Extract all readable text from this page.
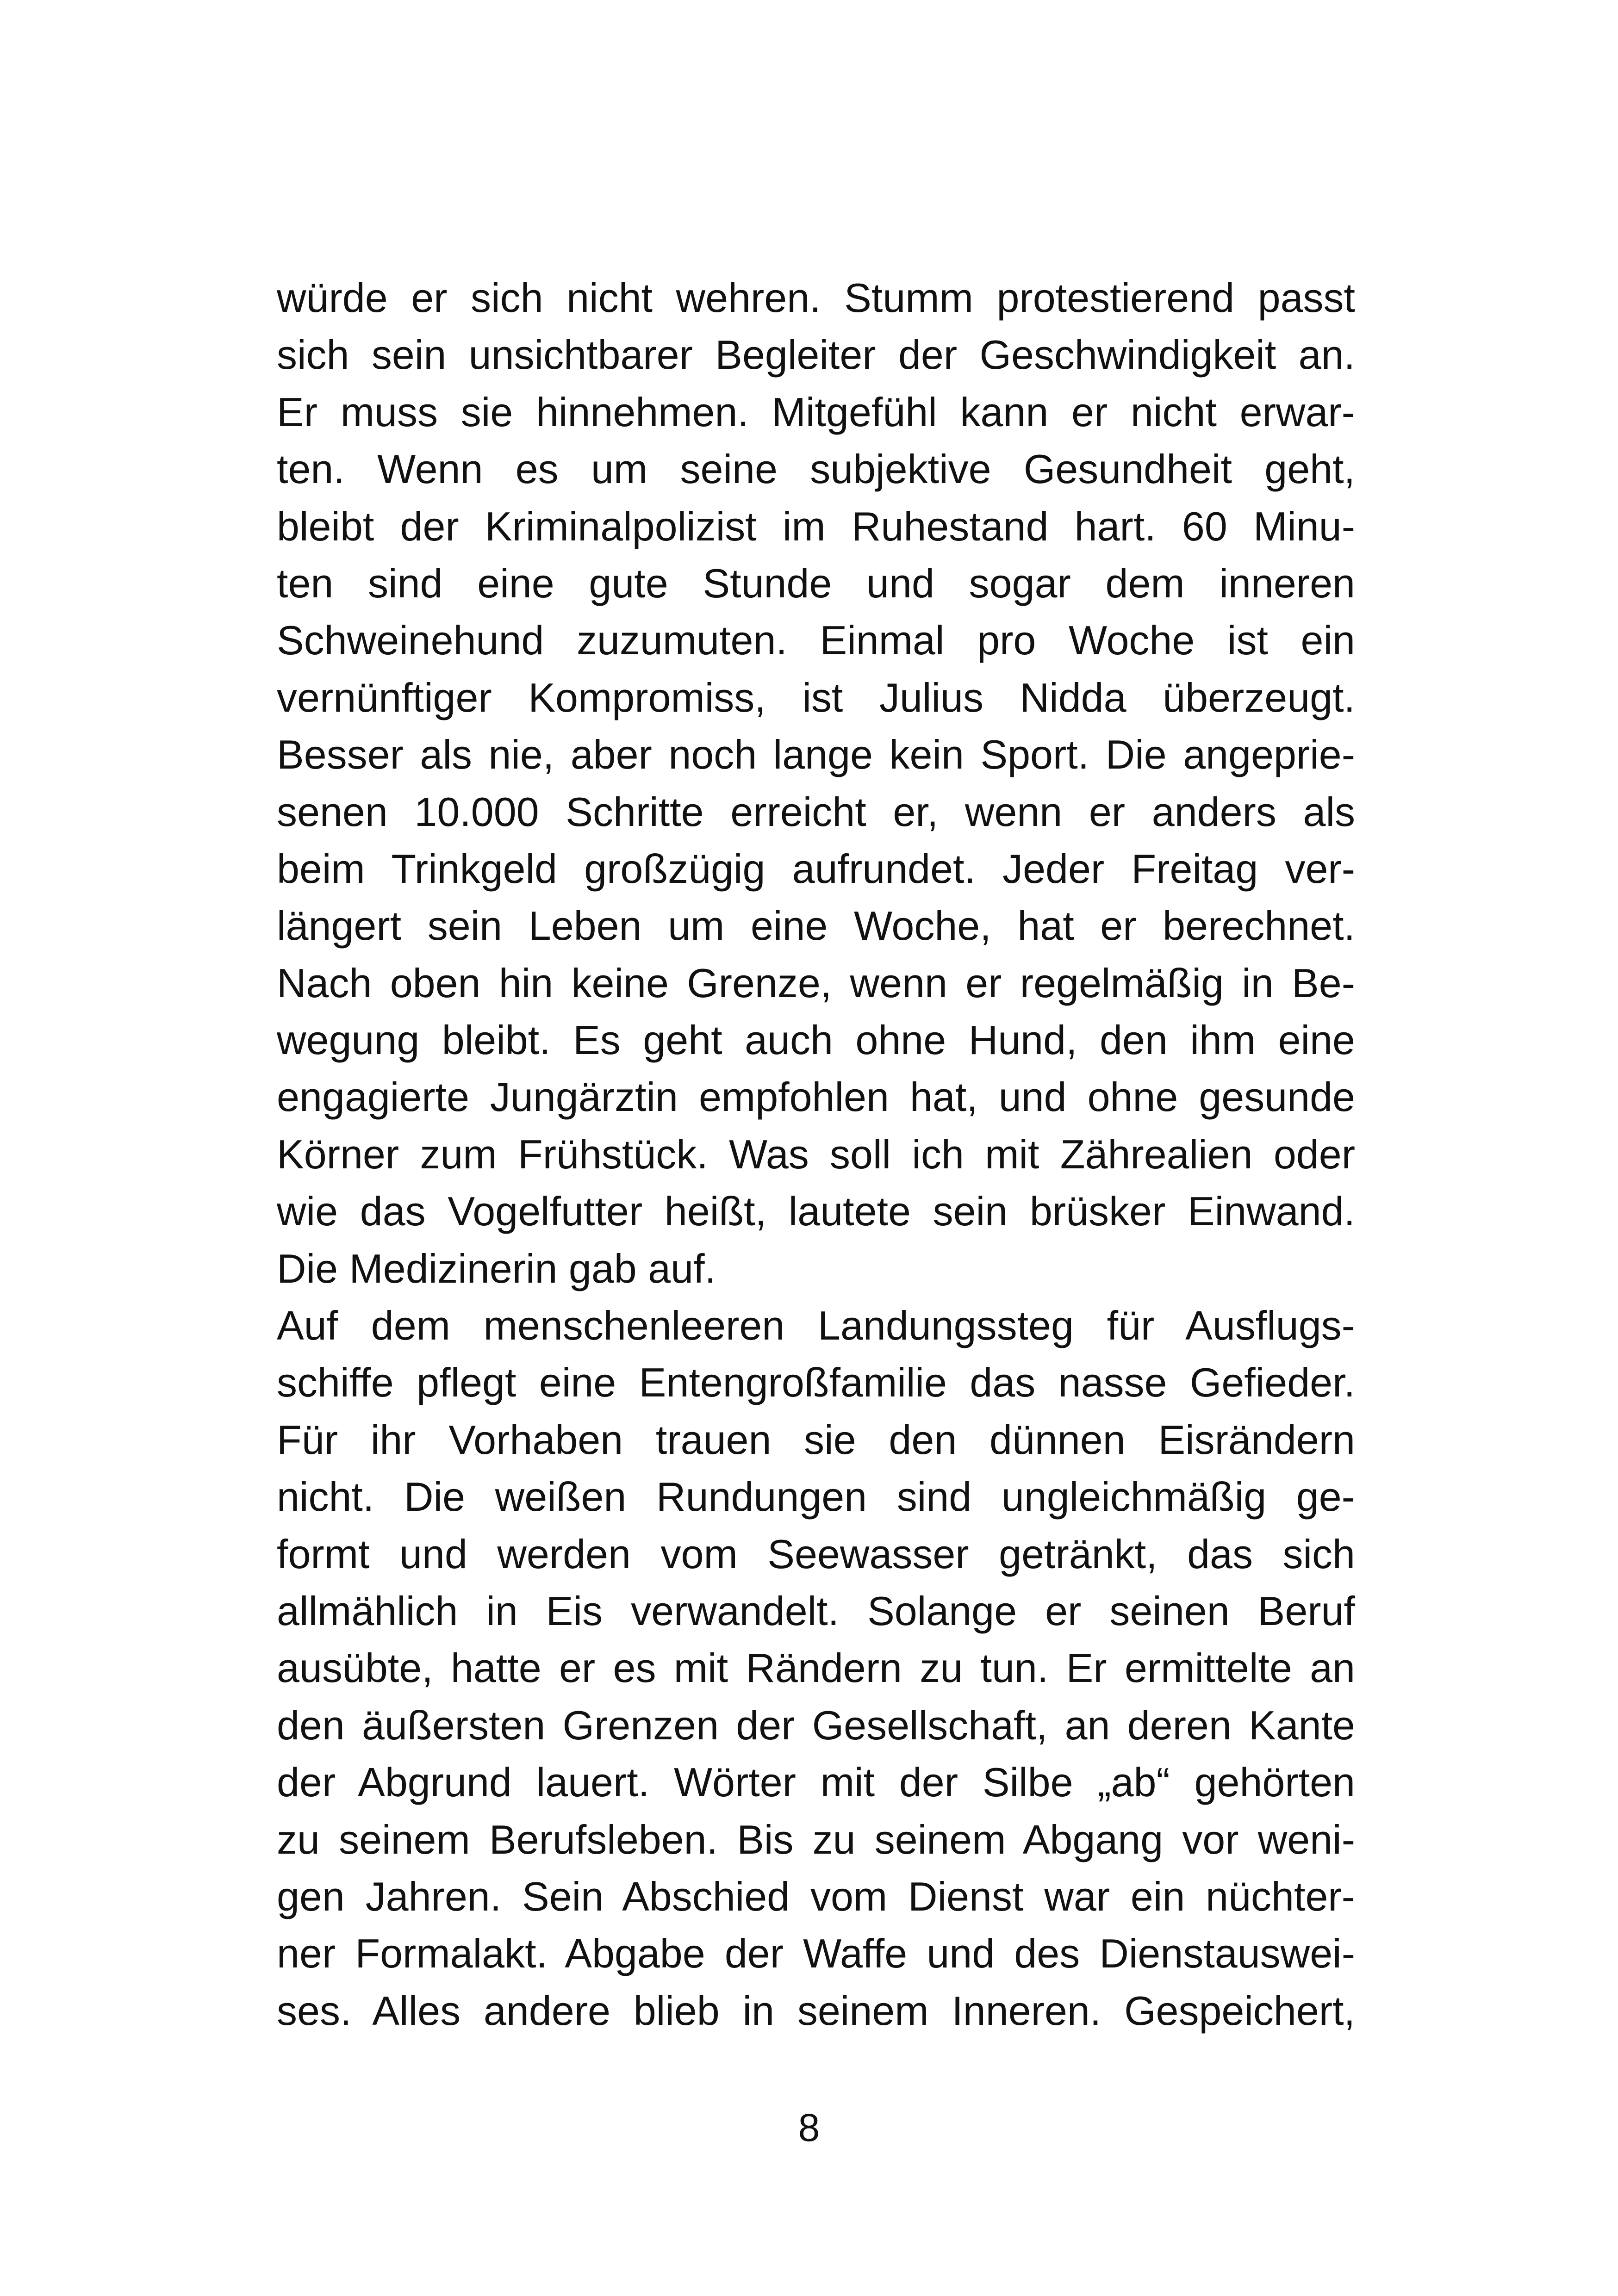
würde er sich nicht wehren. Stumm protestierend passt
sich sein unsichtbarer Begleiter der Geschwindigkeit an.
Er muss sie hinnehmen. Mitgefühl kann er nicht erwar-
ten. Wenn es um seine subjektive Gesundheit geht,
bleibt der Kriminalpolizist im Ruhestand hart. 60 Minu-
ten sind eine gute Stunde und sogar dem inneren
Schweinehund zuzumuten. Einmal pro Woche ist ein
vernünftiger Kompromiss, ist Julius Nidda überzeugt.
Besser als nie, aber noch lange kein Sport. Die angeprie-
senen 10.000 Schritte erreicht er, wenn er anders als
beim Trinkgeld großzügig aufrundet. Jeder Freitag ver-
längert sein Leben um eine Woche, hat er berechnet.
Nach oben hin keine Grenze, wenn er regelmäßig in Be-
wegung bleibt. Es geht auch ohne Hund, den ihm eine
engagierte Jungärztin empfohlen hat, und ohne gesunde
Körner zum Frühstück. Was soll ich mit Zährealien oder
wie das Vogelfutter heißt, lautete sein brüsker Einwand.
Die Medizinerin gab auf.
Auf dem menschenleeren Landungssteg für Ausflugs-
schiffe pflegt eine Entengroßfamilie das nasse Gefieder.
Für ihr Vorhaben trauen sie den dünnen Eisrändern
nicht. Die weißen Rundungen sind ungleichmäßig ge-
formt und werden vom Seewasser getränkt, das sich
allmählich in Eis verwandelt. Solange er seinen Beruf
ausübte, hatte er es mit Rändern zu tun. Er ermittelte an
den äußersten Grenzen der Gesellschaft, an deren Kante
der Abgrund lauert. Wörter mit der Silbe „ab“ gehörten
zu seinem Berufsleben. Bis zu seinem Abgang vor weni-
gen Jahren. Sein Abschied vom Dienst war ein nüchter-
ner Formalakt. Abgabe der Waffe und des Dienstauswei-
ses. Alles andere blieb in seinem Inneren. Gespeichert,
8
